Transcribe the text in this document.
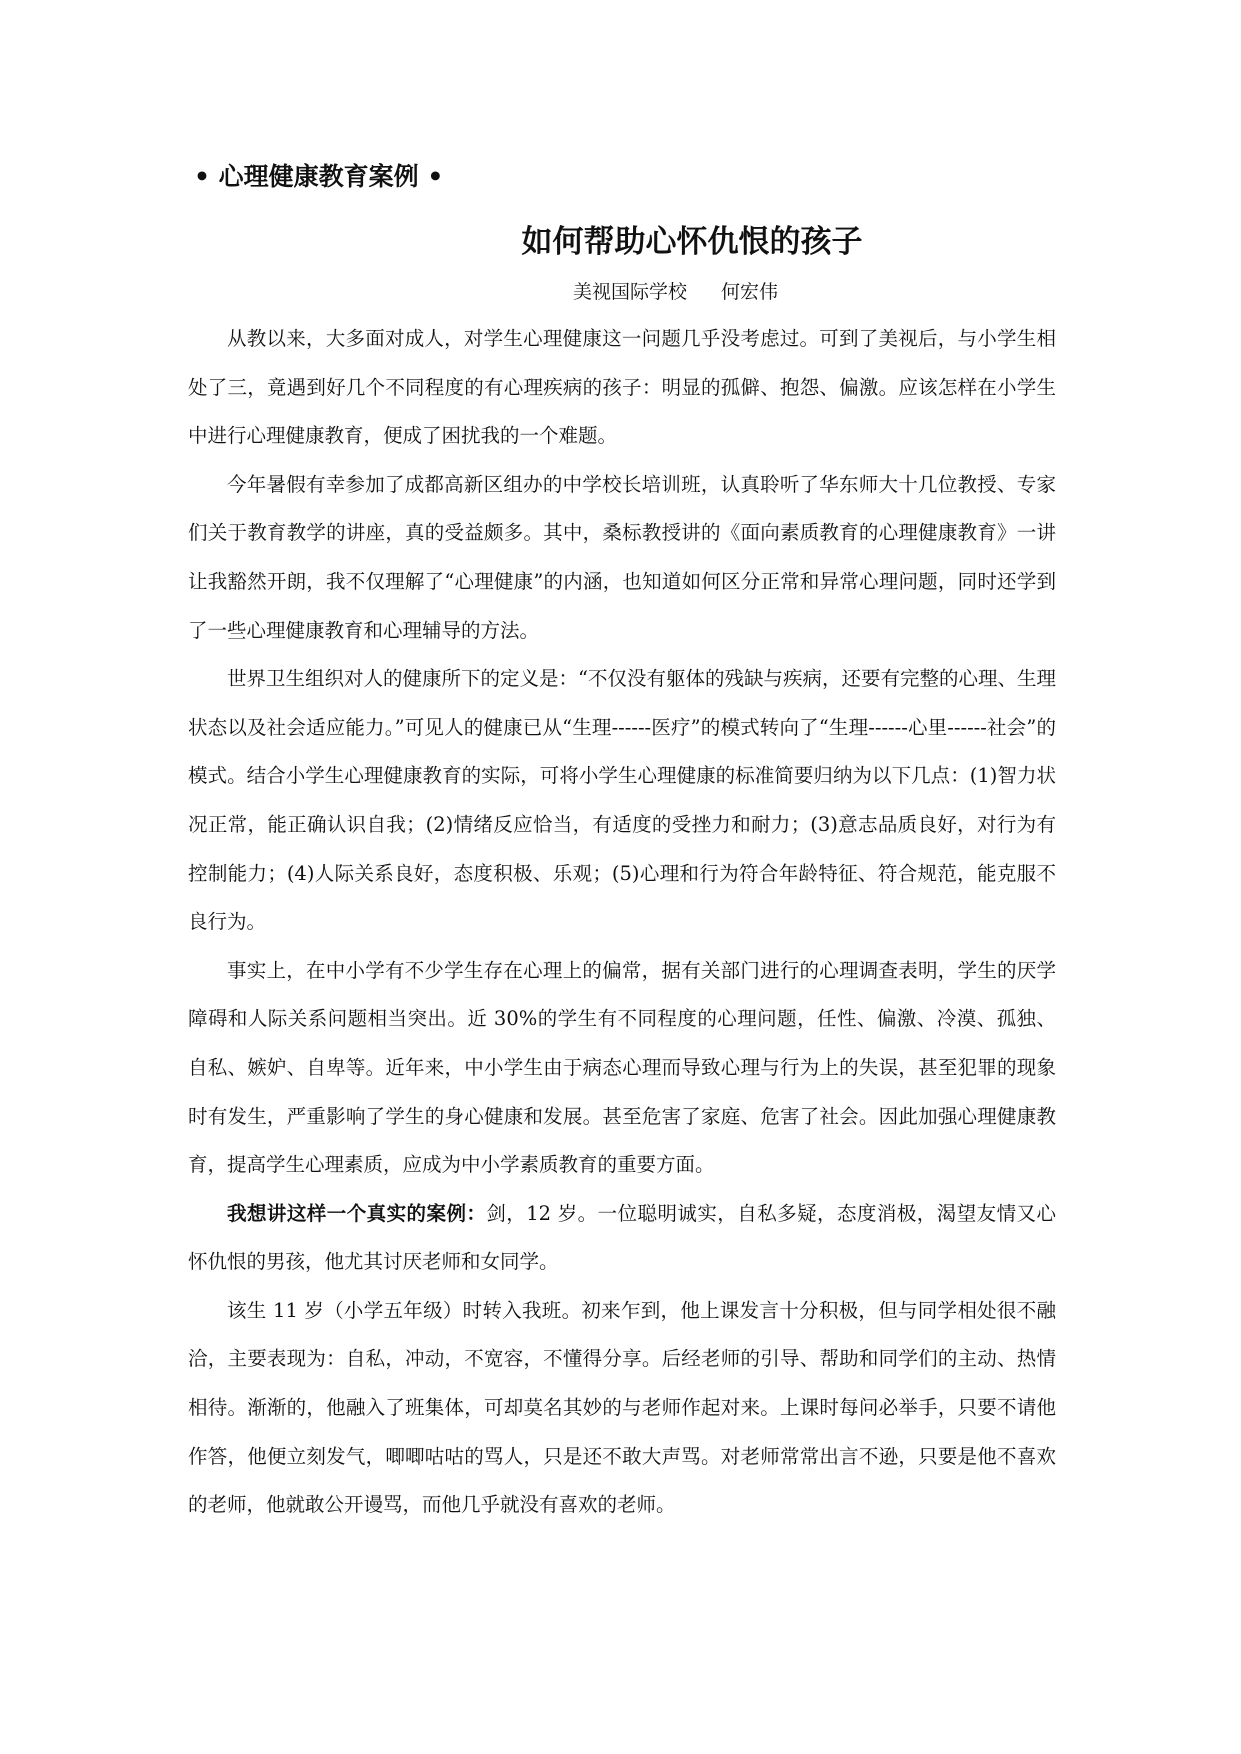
• 心理健康教育案例 •
如何帮助心怀仇恨的孩子
美视国际学校 何宏伟

从教以来，大多面对成人，对学生心理健康这一问题几乎没考虑过。可到了美视后，与小学生相处了三，竟遇到好几个不同程度的有心理疾病的孩子：明显的孤僻、抱怨、偏激。应该怎样在小学生中进行心理健康教育，便成了困扰我的一个难题。

今年暑假有幸参加了成都高新区组办的中学校长培训班，认真聆听了华东师大十几位教授、专家们关于教育教学的讲座，真的受益颇多。其中，桑标教授讲的《面向素质教育的心理健康教育》一讲让我豁然开朗，我不仅理解了“心理健康”的内涵，也知道如何区分正常和异常心理问题，同时还学到了一些心理健康教育和心理辅导的方法。

世界卫生组织对人的健康所下的定义是：“不仅没有躯体的残缺与疾病，还要有完整的心理、生理状态以及社会适应能力。”可见人的健康已从“生理------医疗”的模式转向了“生理------心里------社会”的模式。结合小学生心理健康教育的实际，可将小学生心理健康的标准简要归纳为以下几点：(1)智力状况正常，能正确认识自我；(2)情绪反应恰当，有适度的受挫力和耐力；(3)意志品质良好，对行为有控制能力；(4)人际关系良好，态度积极、乐观；(5)心理和行为符合年龄特征、符合规范，能克服不良行为。

事实上，在中小学有不少学生存在心理上的偏常，据有关部门进行的心理调查表明，学生的厌学障碍和人际关系问题相当突出。近 30%的学生有不同程度的心理问题，任性、偏激、冷漠、孤独、自私、嫉妒、自卑等。近年来，中小学生由于病态心理而导致心理与行为上的失误，甚至犯罪的现象时有发生，严重影响了学生的身心健康和发展。甚至危害了家庭、危害了社会。因此加强心理健康教育，提高学生心理素质，应成为中小学素质教育的重要方面。

我想讲这样一个真实的案例：剑，12 岁。一位聪明诚实，自私多疑，态度消极，渴望友情又心怀仇恨的男孩，他尤其讨厌老师和女同学。

该生 11 岁（小学五年级）时转入我班。初来乍到，他上课发言十分积极，但与同学相处很不融洽，主要表现为：自私，冲动，不宽容，不懂得分享。后经老师的引导、帮助和同学们的主动、热情相待。渐渐的，他融入了班集体，可却莫名其妙的与老师作起对来。上课时每问必举手，只要不请他作答，他便立刻发气，唧唧咕咕的骂人，只是还不敢大声骂。对老师常常出言不逊，只要是他不喜欢的老师，他就敢公开谩骂，而他几乎就没有喜欢的老师。
